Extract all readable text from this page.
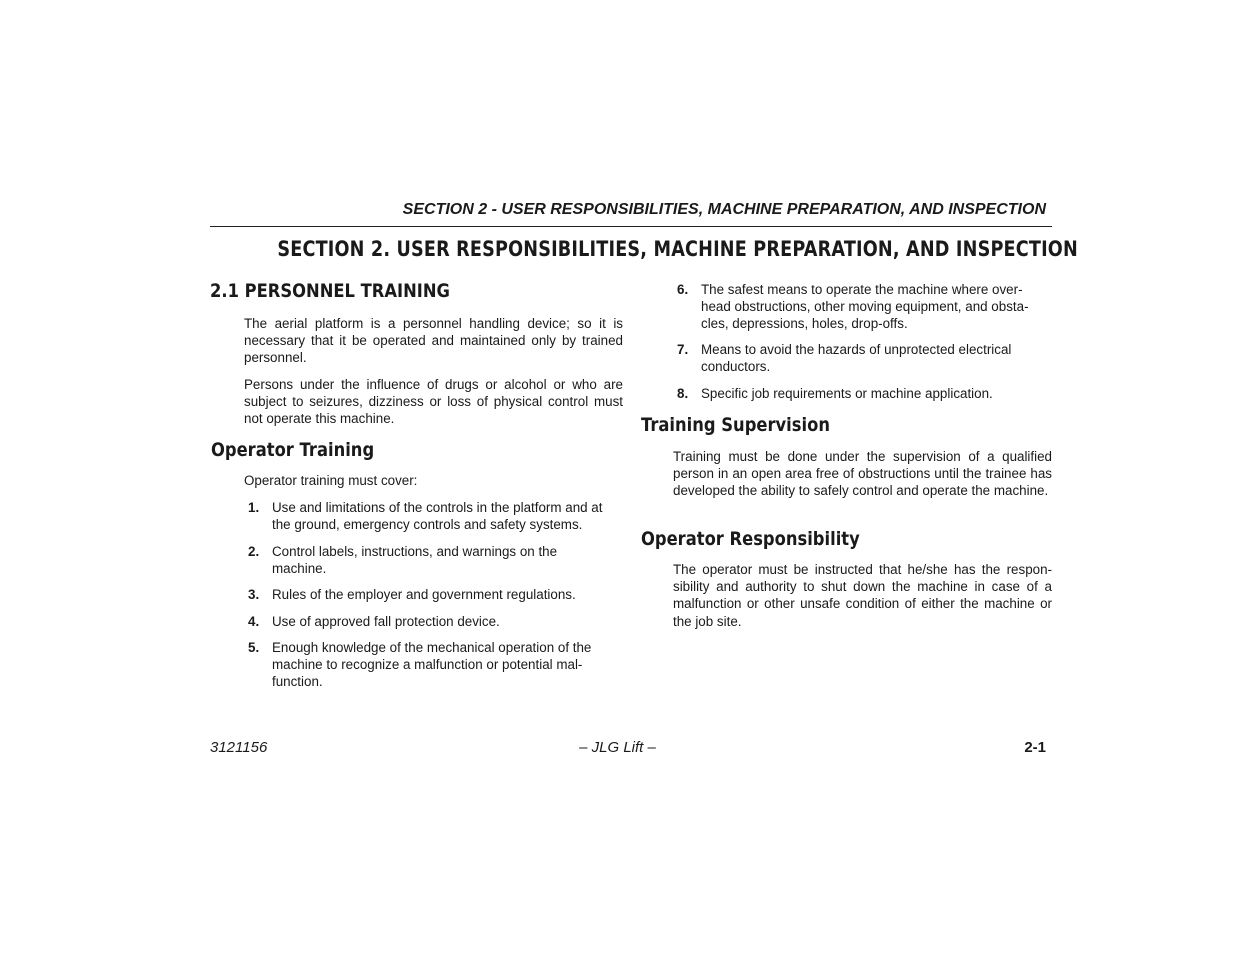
SECTION 2 - USER RESPONSIBILITIES, MACHINE PREPARATION, AND INSPECTION
SECTION 2. USER RESPONSIBILITIES, MACHINE PREPARATION, AND INSPECTION
2.1 PERSONNEL TRAINING

The aerial platform is a personnel handling device; so it is necessary that it be operated and maintained only by trained personnel.

Persons under the influence of drugs or alcohol or who are subject to seizures, dizziness or loss of physical control must not operate this machine.

Operator Training

Operator training must cover:

1. Use and limitations of the controls in the platform and at the ground, emergency controls and safety systems.
2. Control labels, instructions, and warnings on the machine.
3. Rules of the employer and government regulations.
4. Use of approved fall protection device.
5. Enough knowledge of the mechanical operation of the machine to recognize a malfunction or potential mal-function.
6. The safest means to operate the machine where over-head obstructions, other moving equipment, and obsta-cles, depressions, holes, drop-offs.
7. Means to avoid the hazards of unprotected electrical conductors.
8. Specific job requirements or machine application.
Training Supervision

Training must be done under the supervision of a qualified person in an open area free of obstructions until the trainee has developed the ability to safely control and operate the machine.

Operator Responsibility

The operator must be instructed that he/she has the respon-sibility and authority to shut down the machine in case of a malfunction or other unsafe condition of either the machine or the job site.

3121156	– JLG Lift –	2-1
